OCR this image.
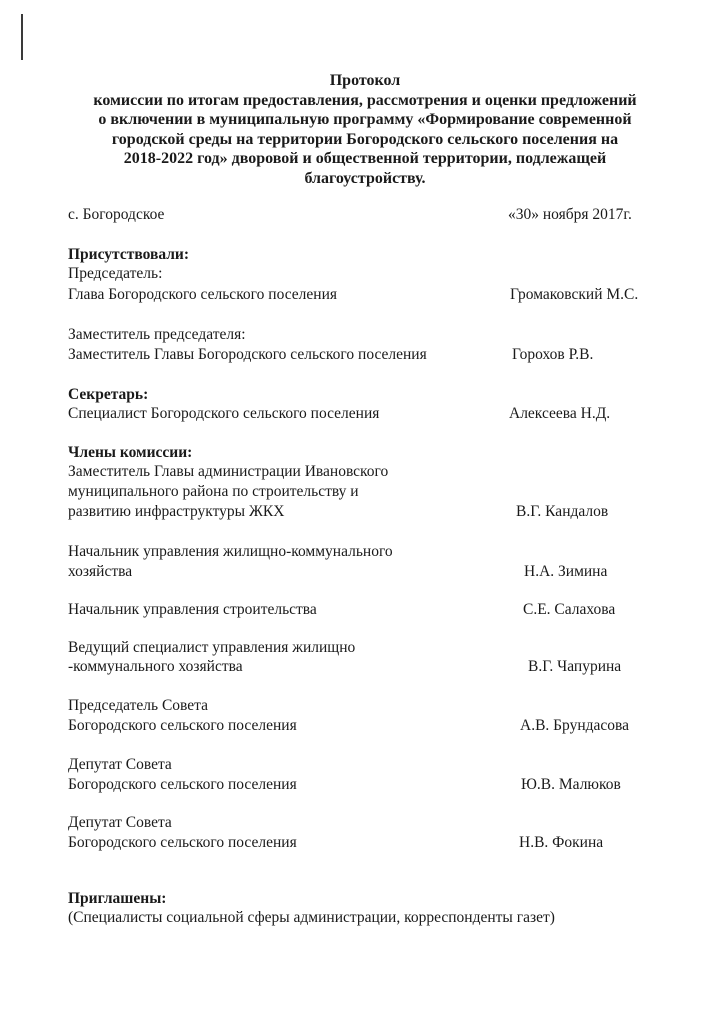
Протокол
комиссии по итогам предоставления, рассмотрения и оценки предложений
о включении в муниципальную программу «Формирование современной
городской среды на территории Богородского сельского поселения на
2018-2022 год» дворовой и общественной территории, подлежащей
благоустройству.
с. Богородское	«30» ноября 2017г.
Присутствовали:
Председатель:
Глава Богородского сельского поселения	Громаковский М.С.
Заместитель председателя:
Заместитель Главы Богородского сельского поселения	Горохов Р.В.
Секретарь:
Специалист Богородского сельского поселения	Алексеева Н.Д.
Члены комиссии:
Заместитель Главы администрации Ивановского
муниципального района по строительству и
развитию инфраструктуры ЖКХ	В.Г. Кандалов
Начальник управления жилищно-коммунального
хозяйства	Н.А. Зимина
Начальник управления строительства	С.Е. Салахова
Ведущий специалист управления жилищно
-коммунального хозяйства	В.Г. Чапурина
Председатель Совета
Богородского сельского поселения	А.В. Брундасова
Депутат Совета
Богородского сельского поселения	Ю.В. Малюков
Депутат Совета
Богородского сельского поселения	Н.В. Фокина
Приглашены:
(Специалисты социальной сферы администрации, корреспонденты газет)
